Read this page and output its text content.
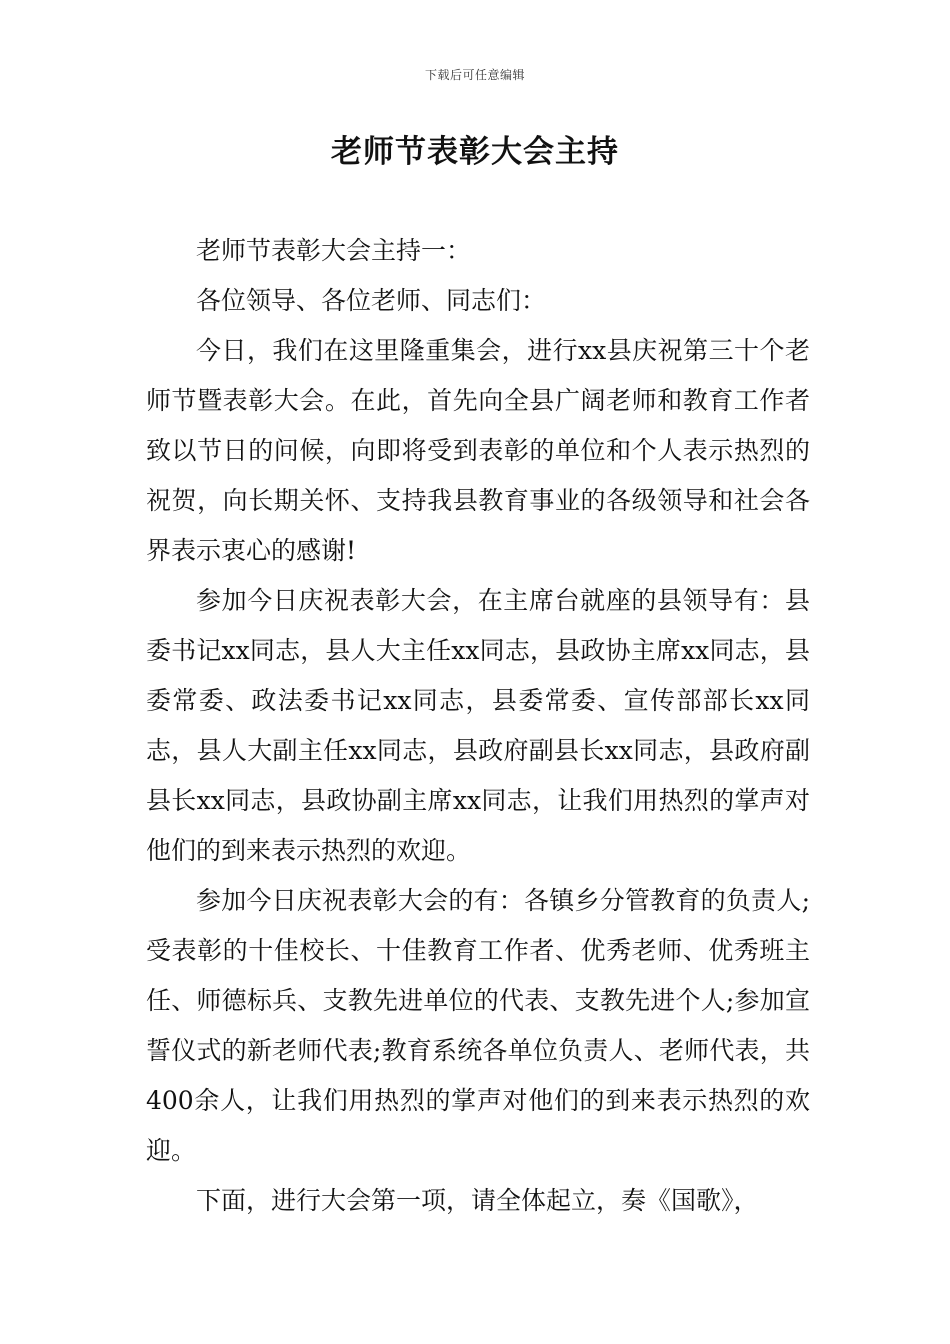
下载后可任意编辑
老师节表彰大会主持

老师节表彰大会主持一：

各位领导、各位老师、同志们：

今日，我们在这里隆重集会，进行xx县庆祝第三十个老师节暨表彰大会。在此，首先向全县广阔老师和教育工作者致以节日的问候，向即将受到表彰的单位和个人表示热烈的祝贺，向长期关怀、支持我县教育事业的各级领导和社会各界表示衷心的感谢!

参加今日庆祝表彰大会，在主席台就座的县领导有：县委书记xx同志，县人大主任xx同志，县政协主席xx同志，县委常委、政法委书记xx同志，县委常委、宣传部部长xx同志，县人大副主任xx同志，县政府副县长xx同志，县政府副县长xx同志，县政协副主席xx同志，让我们用热烈的掌声对他们的到来表示热烈的欢迎。

参加今日庆祝表彰大会的有：各镇乡分管教育的负责人;受表彰的十佳校长、十佳教育工作者、优秀老师、优秀班主任、师德标兵、支教先进单位的代表、支教先进个人;参加宣誓仪式的新老师代表;教育系统各单位负责人、老师代表，共400余人，让我们用热烈的掌声对他们的到来表示热烈的欢迎。

下面，进行大会第一项，请全体起立，奏《国歌》，
